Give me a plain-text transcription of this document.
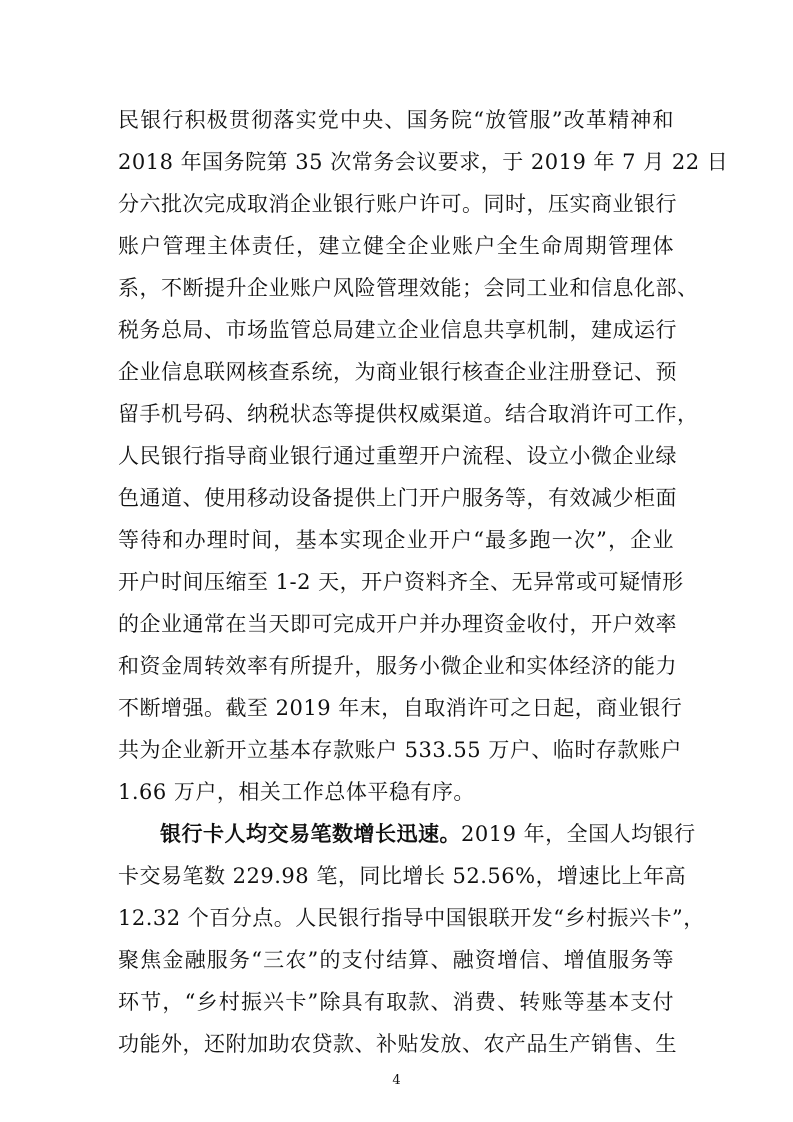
民银行积极贯彻落实党中央、国务院“放管服”改革精神和
2018 年国务院第 35 次常务会议要求，于 2019 年 7 月 22 日
分六批次完成取消企业银行账户许可。同时，压实商业银行
账户管理主体责任，建立健全企业账户全生命周期管理体
系，不断提升企业账户风险管理效能；会同工业和信息化部、
税务总局、市场监管总局建立企业信息共享机制，建成运行
企业信息联网核查系统，为商业银行核查企业注册登记、预
留手机号码、纳税状态等提供权威渠道。结合取消许可工作，
人民银行指导商业银行通过重塑开户流程、设立小微企业绿
色通道、使用移动设备提供上门开户服务等，有效减少柜面
等待和办理时间，基本实现企业开户“最多跑一次”，企业
开户时间压缩至 1-2 天，开户资料齐全、无异常或可疑情形
的企业通常在当天即可完成开户并办理资金收付，开户效率
和资金周转效率有所提升，服务小微企业和实体经济的能力
不断增强。截至 2019 年末，自取消许可之日起，商业银行
共为企业新开立基本存款账户 533.55 万户、临时存款账户
1.66 万户，相关工作总体平稳有序。
银行卡人均交易笔数增长迅速。2019 年，全国人均银行
卡交易笔数 229.98 笔，同比增长 52.56%，增速比上年高
12.32 个百分点。人民银行指导中国银联开发“乡村振兴卡”，
聚焦金融服务“三农”的支付结算、融资增信、增值服务等
环节，“乡村振兴卡”除具有取款、消费、转账等基本支付
功能外，还附加助农贷款、补贴发放、农产品生产销售、生
4
